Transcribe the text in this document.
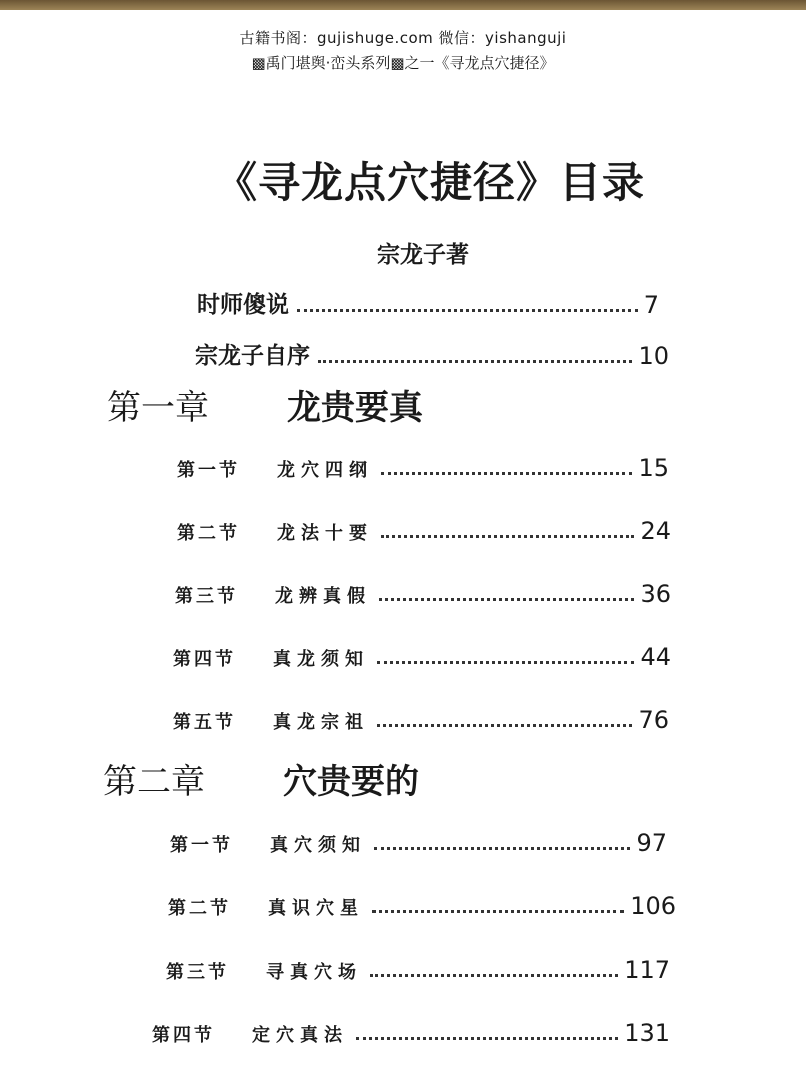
古籍书阁：gujishuge.com 微信：yishanguji
▩禹门堪舆·峦头系列▩之一《寻龙点穴捷径》
《寻龙点穴捷径》目录
宗龙子著
时师傻说	7
宗龙子自序	10
第一章 龙贵要真
第一节 龙穴四纲	15
第二节 龙法十要	24
第三节 龙辨真假	36
第四节 真龙须知	44
第五节 真龙宗祖	76
第二章 穴贵要的
第一节 真穴须知	97
第二节 真识穴星	106
第三节 寻真穴场	117
第四节 定穴真法	131
